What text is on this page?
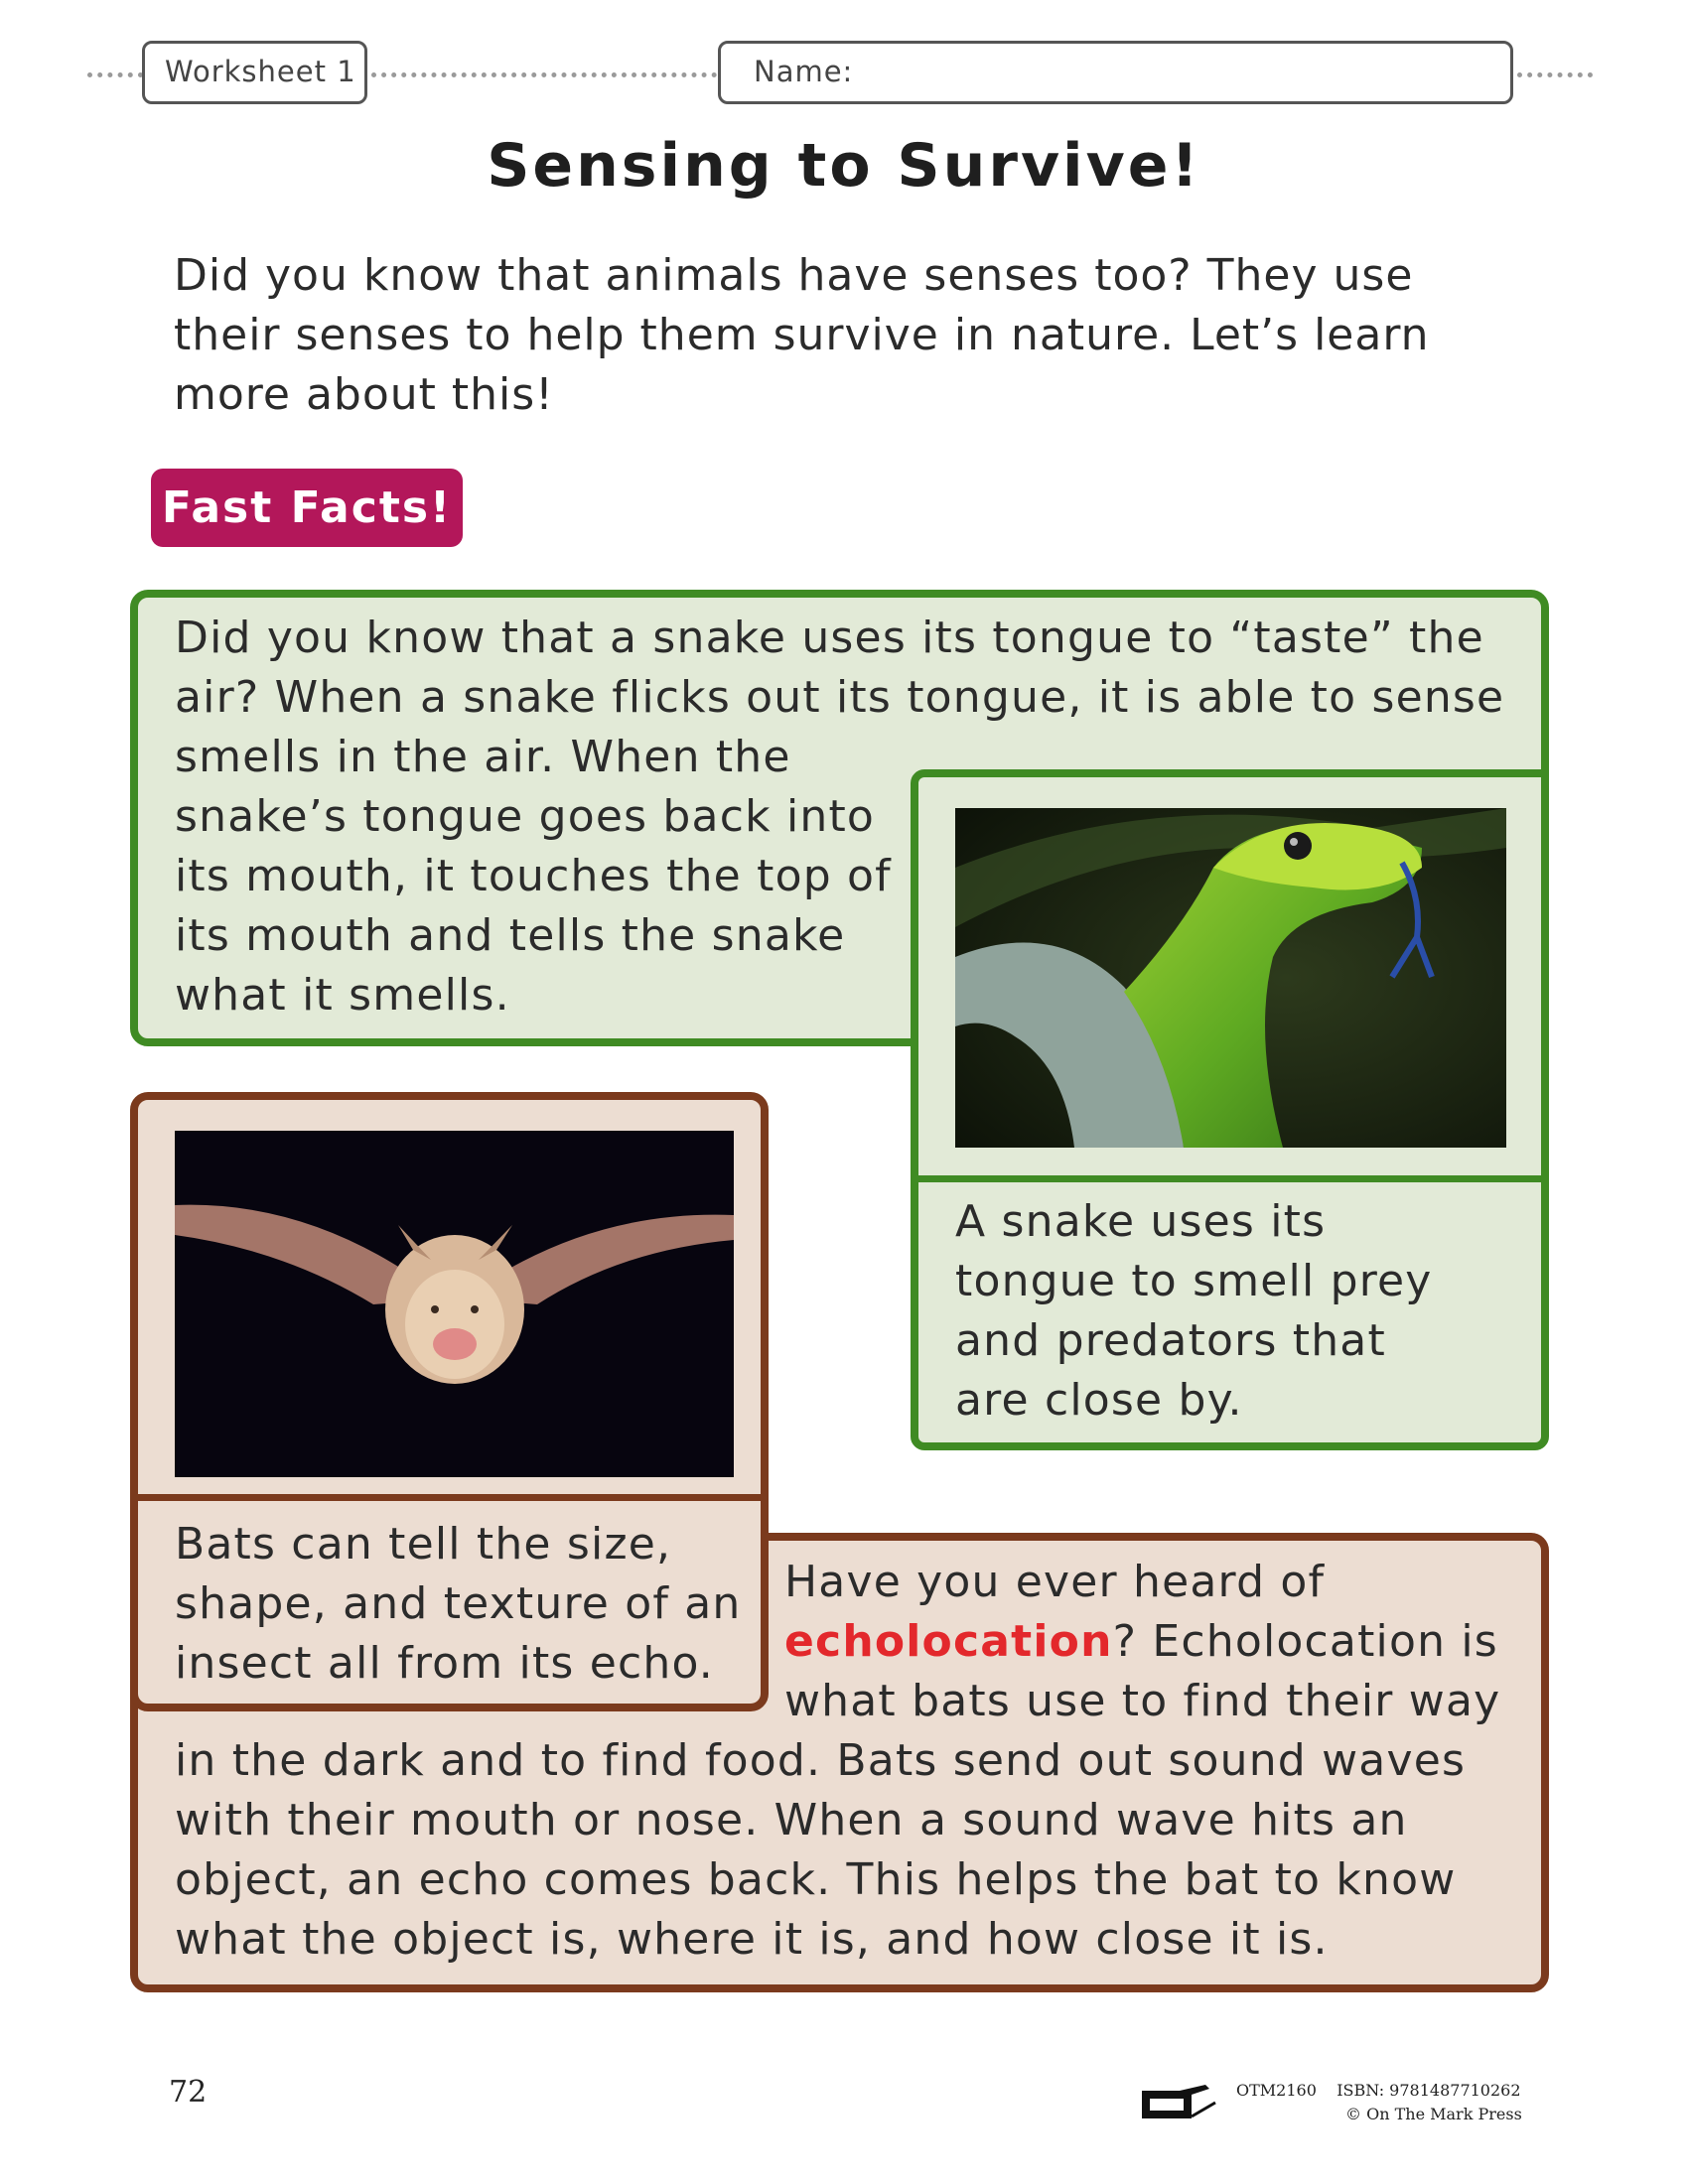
Worksheet 1	Name:
Sensing to Survive!
Did you know that animals have senses too? They use
their senses to help them survive in nature. Let’s learn
more about this!
Fast Facts!
Did you know that a snake uses its tongue to “taste” the
air? When a snake flicks out its tongue, it is able to sense
smells in the air. When the
snake’s tongue goes back into
its mouth, it touches the top of
its mouth and tells the snake
what it smells.
A snake uses its
tongue to smell prey
and predators that
are close by.
Bats can tell the size,
shape, and texture of an
insect all from its echo.
Have you ever heard of
echolocation? Echolocation is
what bats use to find their way
in the dark and to find food. Bats send out sound waves
with their mouth or nose. When a sound wave hits an
object, an echo comes back. This helps the bat to know
what the object is, where it is, and how close it is.
72	OTM2160 ISBN: 9781487710262
© On The Mark Press
